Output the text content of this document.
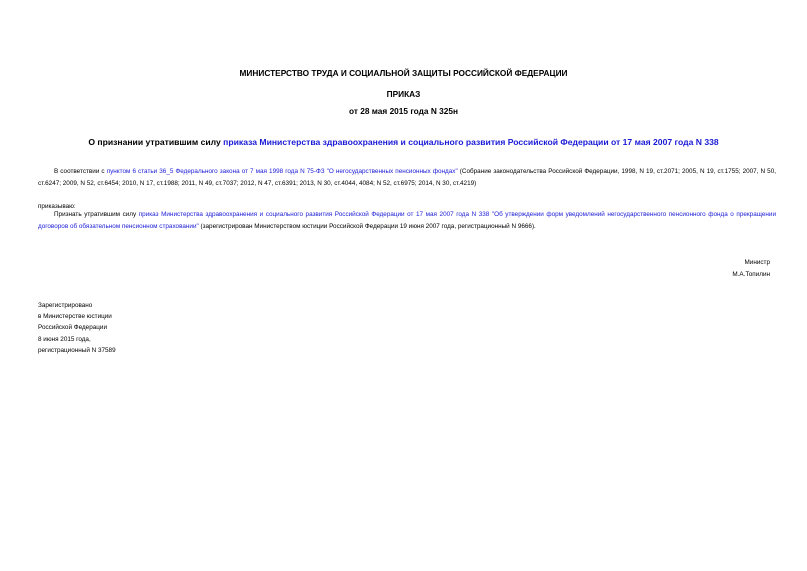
МИНИСТЕРСТВО ТРУДА И СОЦИАЛЬНОЙ ЗАЩИТЫ РОССИЙСКОЙ ФЕДЕРАЦИИ

ПРИКАЗ

от 28 мая 2015 года N 325н

О признании утратившим силу приказа Министерства здравоохранения и социального развития Российской Федерации от 17 мая 2007 года N 338

В соответствии с пунктом 6 статьи 36_5 Федерального закона от 7 мая 1998 года N 75-ФЗ "О негосударственных пенсионных фондах" (Собрание законодательства Российской Федерации, 1998, N 19, ст.2071; 2005, N 19, ст.1755; 2007, N 50, ст.6247; 2009, N 52, ст.6454; 2010, N 17, ст.1988; 2011, N 49, ст.7037; 2012, N 47, ст.6391; 2013, N 30, ст.4044, 4084; N 52, ст.6975; 2014, N 30, ст.4219)

приказываю:

Признать утратившим силу приказ Министерства здравоохранения и социального развития Российской Федерации от 17 мая 2007 года N 338 "Об утверждении форм уведомлений негосударственного пенсионного фонда о прекращении договоров об обязательном пенсионном страховании" (зарегистрирован Министерством юстиции Российской Федерации 19 июня 2007 года, регистрационный N 9666).

Министр

М.А.Топилин

Зарегистрировано

в Министерстве юстиции

Российской Федерации

8 июня 2015 года,

регистрационный N 37589
